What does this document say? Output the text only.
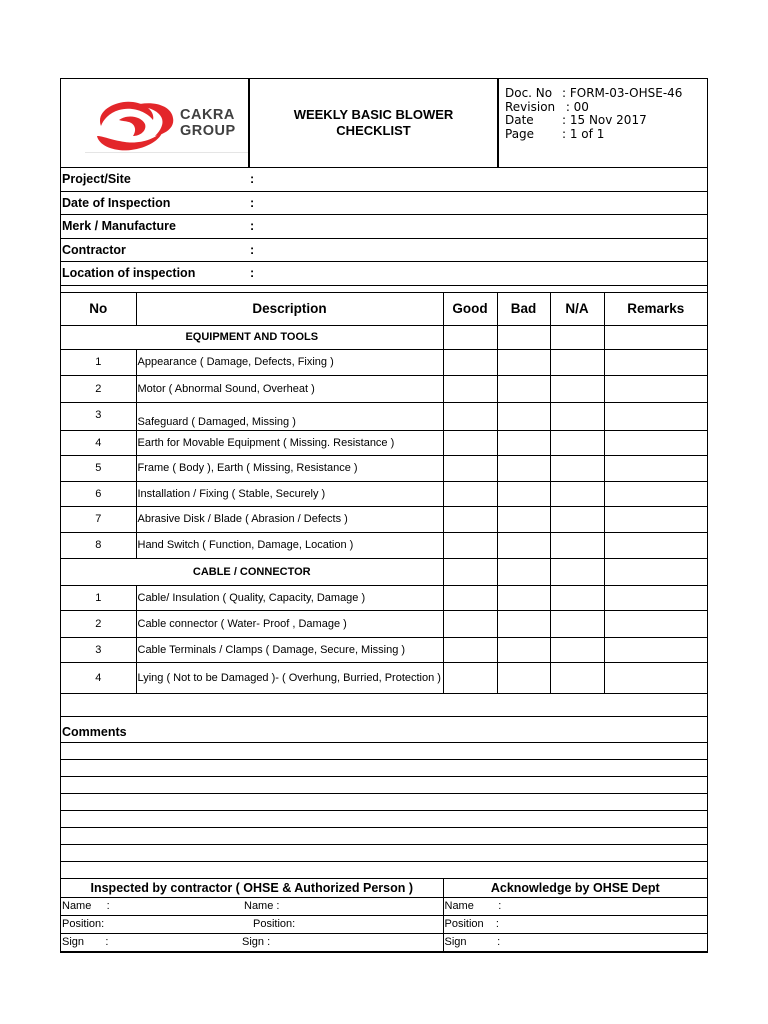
CAKRA
GROUP
WEEKLY BASIC BLOWER
CHECKLIST
Doc. No : FORM-03-OHSE-46
Revision : 00
Date	: 15 Nov 2017
Page	: 1 of 1
Project/Site	:
Date of Inspection	:
Merk / Manufacture	:
Contractor	:
Location of inspection	:
No	Description	Good	Bad	N/A	Remarks
EQUIPMENT AND TOOLS					
1	Appearance ( Damage, Defects, Fixing )				
2	Motor ( Abnormal Sound, Overheat )				
3	Safeguard ( Damaged, Missing )				
4	Earth for Movable Equipment ( Missing. Resistance )				
5	Frame ( Body ), Earth ( Missing, Resistance )				
6	Installation / Fixing ( Stable, Securely )				
7	Abrasive Disk / Blade ( Abrasion / Defects )				
8	Hand Switch ( Function, Damage, Location )				
CABLE / CONNECTOR					
1	Cable/ Insulation ( Quality, Capacity, Damage )				
2	Cable connector ( Water- Proof , Damage )				
3	Cable Terminals / Clamps ( Damage, Secure, Missing )				
4	Lying ( Not to be Damaged )- ( Overhung, Burried, Protection )				

Comments					

Inspected by contractor ( OHSE & Authorized Person )		Acknowledge by OHSE Dept			

Name     : Name :		Name        :			

Position: Position:		Position    :			

Sign       : Sign :		Sign          :			
